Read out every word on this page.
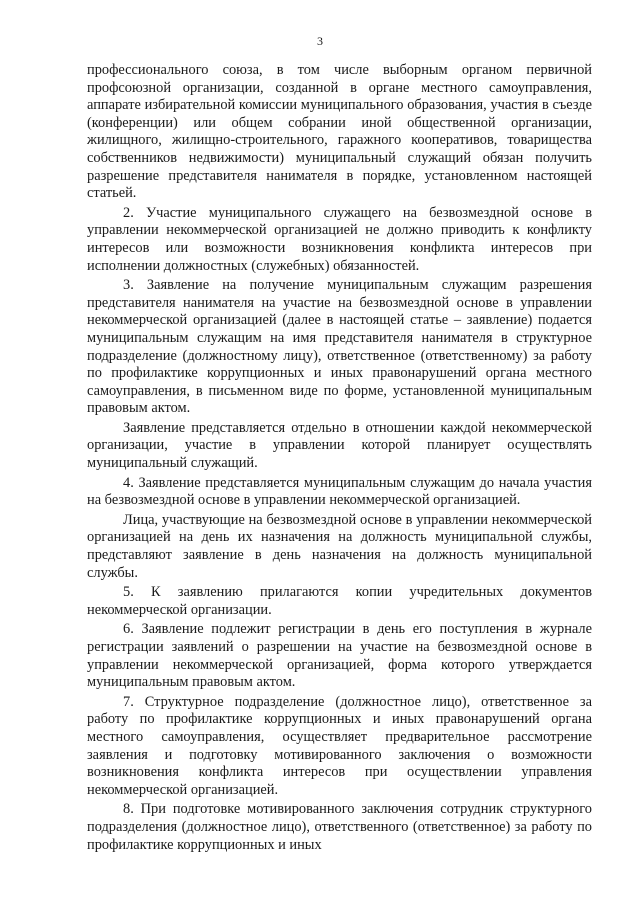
3

профессионального союза, в том числе выборным органом первичной профсоюзной организации, созданной в органе местного самоуправления, аппарате избирательной комиссии муниципального образования, участия в съезде (конференции) или общем собрании иной общественной организации, жилищного, жилищно-строительного, гаражного кооперативов, товарищества собственников недвижимости) муниципальный служащий обязан получить разрешение представителя нанимателя в порядке, установленном настоящей статьей.

2. Участие муниципального служащего на безвозмездной основе в управлении некоммерческой организацией не должно приводить к конфликту интересов или возможности возникновения конфликта интересов при исполнении должностных (служебных) обязанностей.

3. Заявление на получение муниципальным служащим разрешения представителя нанимателя на участие на безвозмездной основе в управлении некоммерческой организацией (далее в настоящей статье – заявление) подается муниципальным служащим на имя представителя нанимателя в структурное подразделение (должностному лицу), ответственное (ответственному) за работу по профилактике коррупционных и иных правонарушений органа местного самоуправления, в письменном виде по форме, установленной муниципальным правовым актом.

Заявление представляется отдельно в отношении каждой некоммерческой организации, участие в управлении которой планирует осуществлять муниципальный служащий.

4. Заявление представляется муниципальным служащим до начала участия на безвозмездной основе в управлении некоммерческой организацией.

Лица, участвующие на безвозмездной основе в управлении некоммерческой организацией на день их назначения на должность муниципальной службы, представляют заявление в день назначения на должность муниципальной службы.

5. К заявлению прилагаются копии учредительных документов некоммерческой организации.

6. Заявление подлежит регистрации в день его поступления в журнале регистрации заявлений о разрешении на участие на безвозмездной основе в управлении некоммерческой организацией, форма которого утверждается муниципальным правовым актом.

7. Структурное подразделение (должностное лицо), ответственное за работу по профилактике коррупционных и иных правонарушений органа местного самоуправления, осуществляет предварительное рассмотрение заявления и подготовку мотивированного заключения о возможности возникновения конфликта интересов при осуществлении управления некоммерческой организацией.

8. При подготовке мотивированного заключения сотрудник структурного подразделения (должностное лицо), ответственного (ответственное) за работу по профилактике коррупционных и иных
